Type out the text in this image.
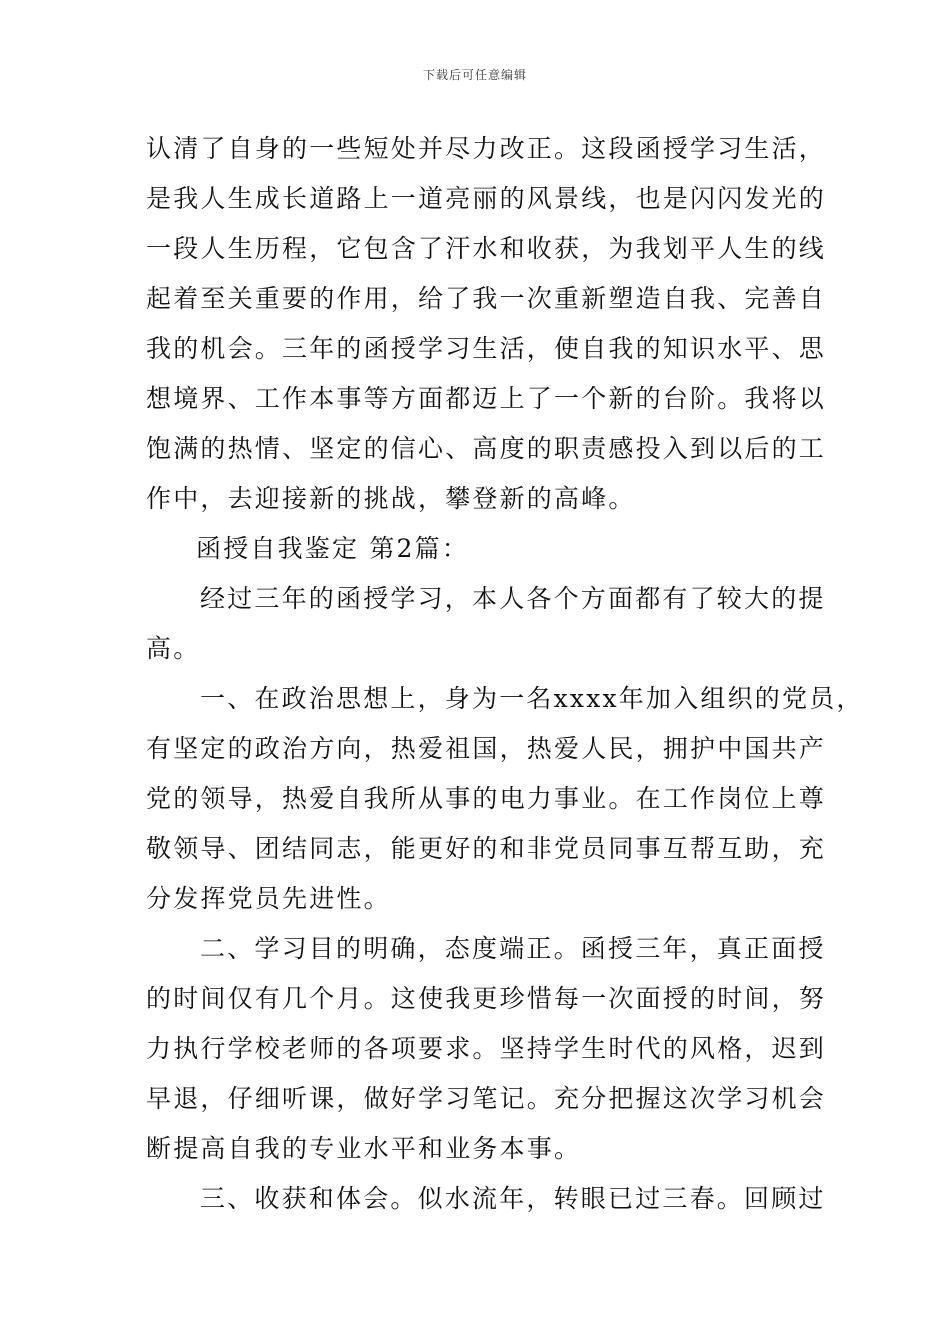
下载后可任意编辑
认清了自身的一些短处并尽力改正。这段函授学习生活，
是我人生成长道路上一道亮丽的风景线，也是闪闪发光的
一段人生历程，它包含了汗水和收获，为我划平人生的线
起着至关重要的作用，给了我一次重新塑造自我、完善自
我的机会。三年的函授学习生活，使自我的知识水平、思
想境界、工作本事等方面都迈上了一个新的台阶。我将以
饱满的热情、坚定的信心、高度的职责感投入到以后的工
作中，去迎接新的挑战，攀登新的高峰。
函授自我鉴定 第2篇：
经过三年的函授学习，本人各个方面都有了较大的提
高。
一、在政治思想上，身为一名xxxx年加入组织的党员，
有坚定的政治方向，热爱祖国，热爱人民，拥护中国共产
党的领导，热爱自我所从事的电力事业。在工作岗位上尊
敬领导、团结同志，能更好的和非党员同事互帮互助，充
分发挥党员先进性。
二、学习目的明确，态度端正。函授三年，真正面授
的时间仅有几个月。这使我更珍惜每一次面授的时间，努
力执行学校老师的各项要求。坚持学生时代的风格，迟到
早退，仔细听课，做好学习笔记。充分把握这次学习机会
断提高自我的专业水平和业务本事。
三、收获和体会。似水流年，转眼已过三春。回顾过
